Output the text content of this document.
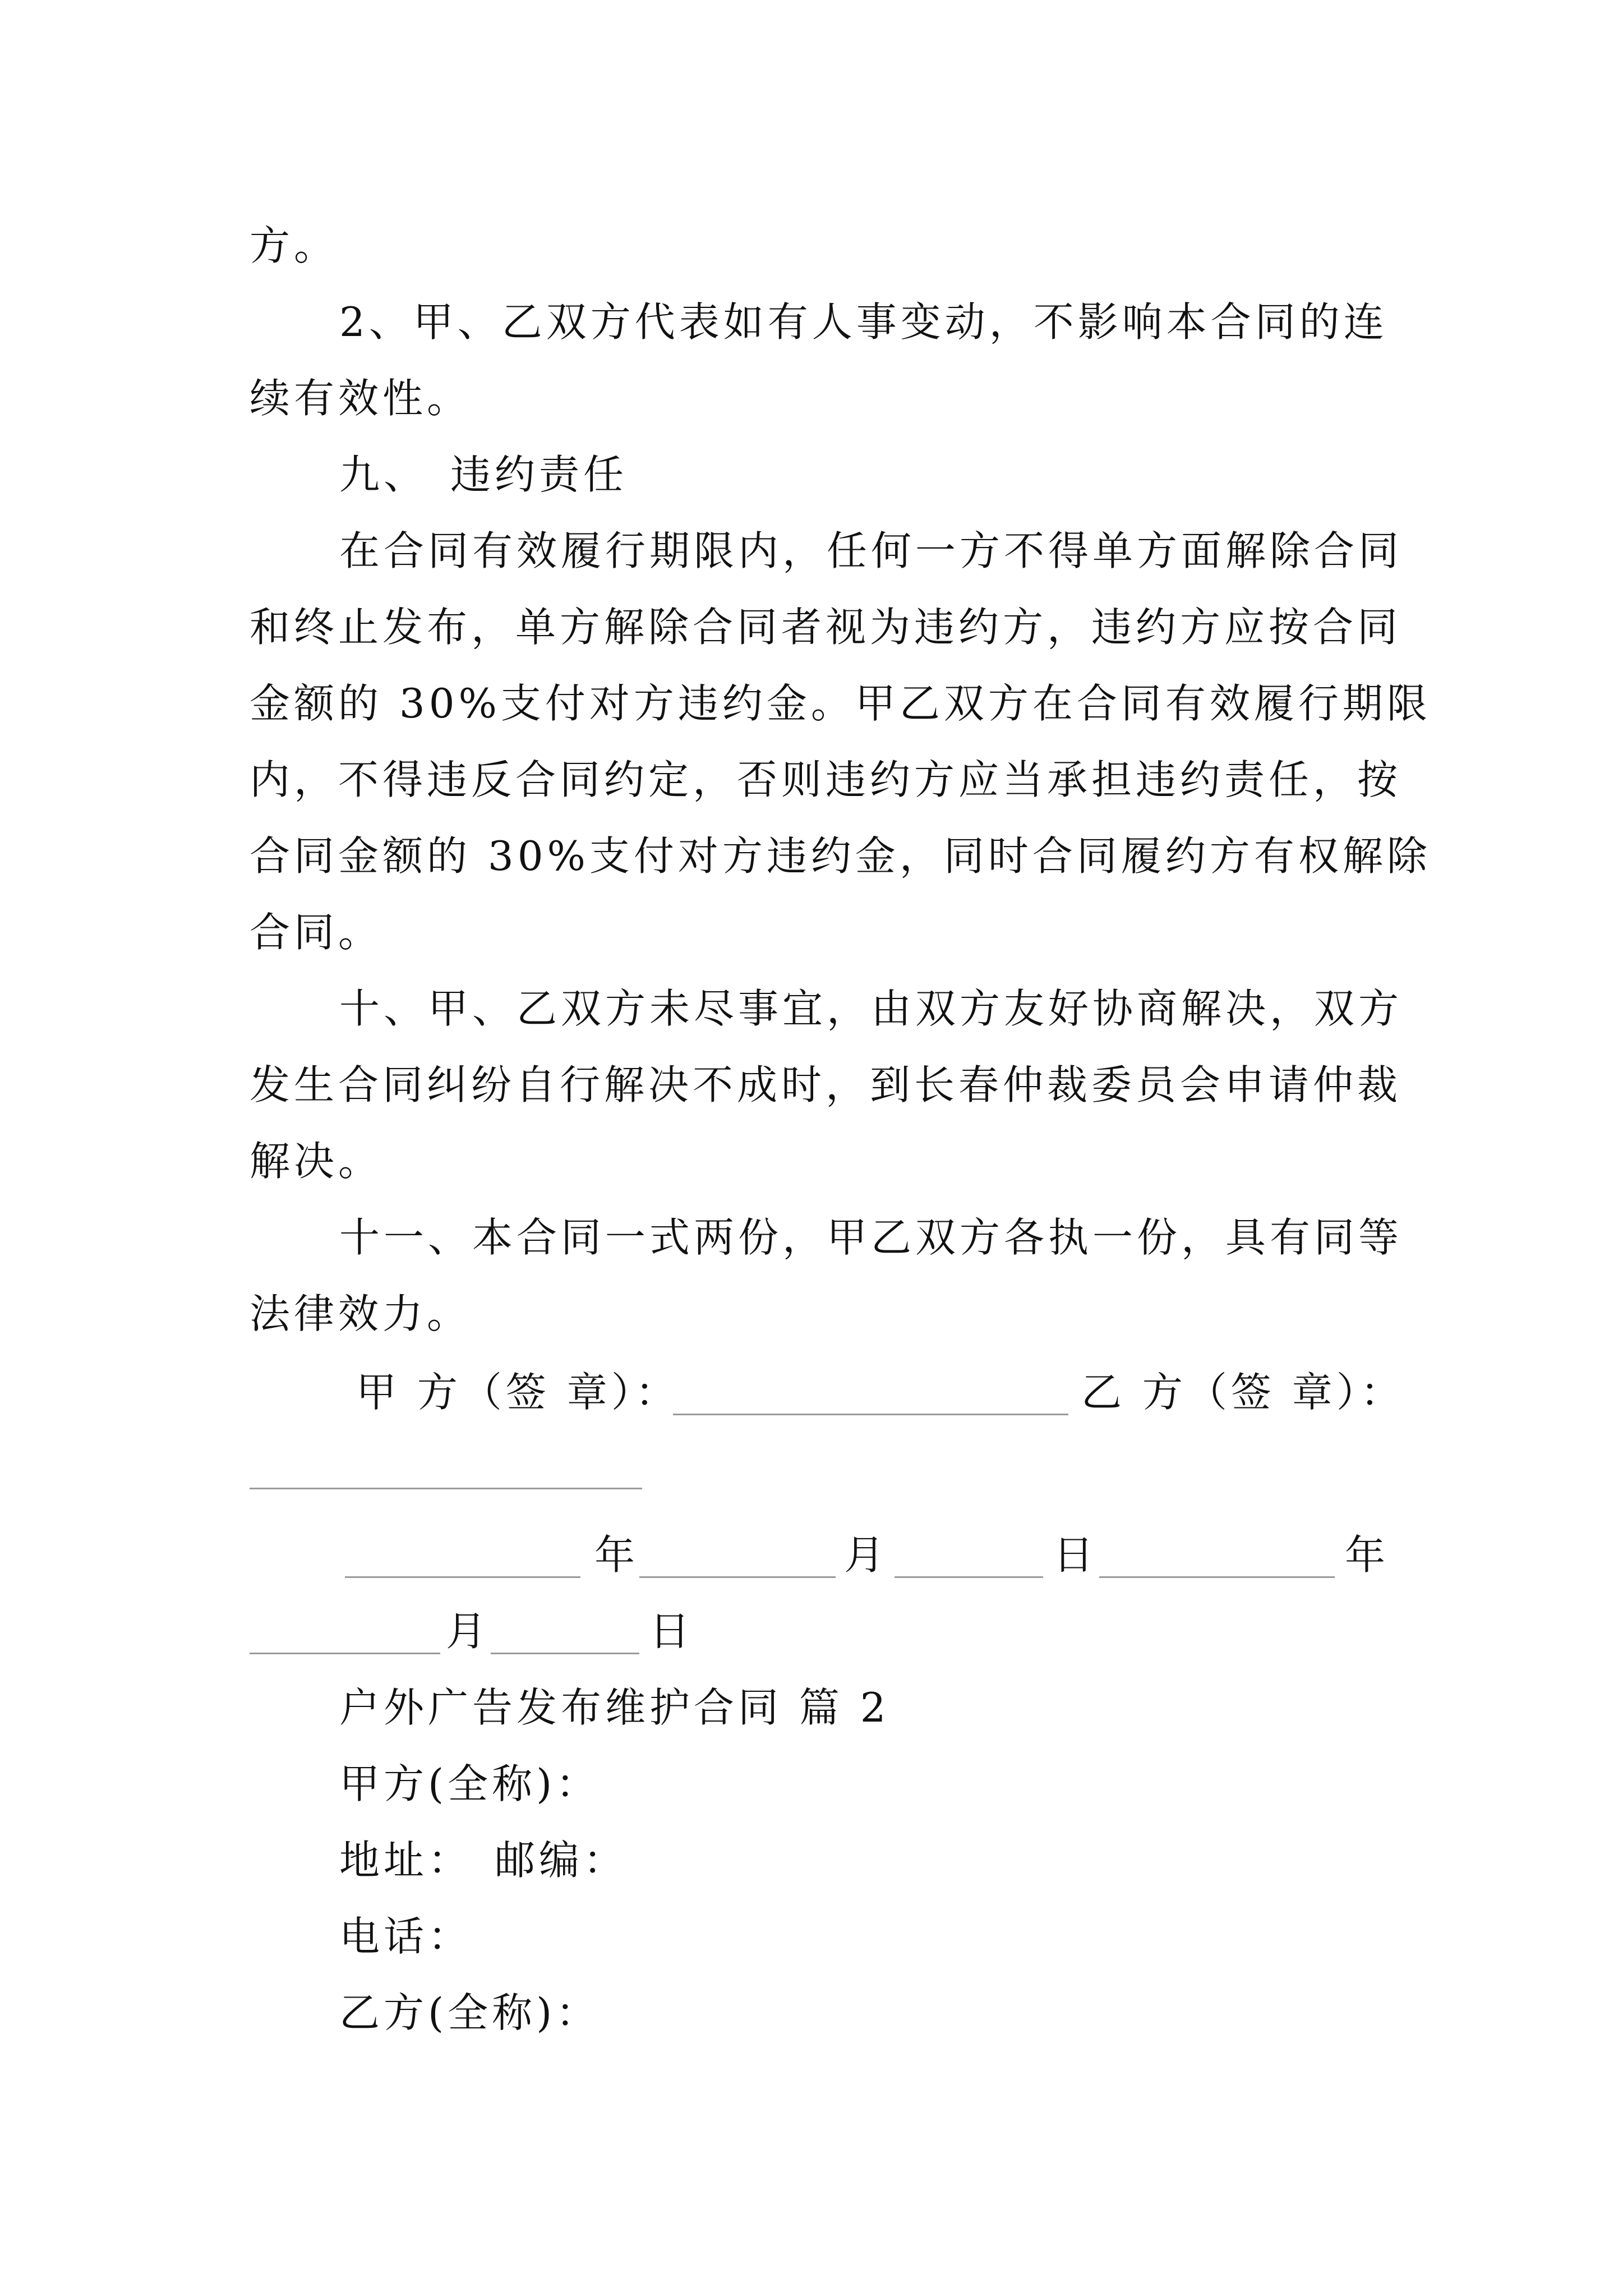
方。
2、甲、乙双方代表如有人事变动，不影响本合同的连
续有效性。
九、 违约责任
在合同有效履行期限内，任何一方不得单方面解除合同
和终止发布，单方解除合同者视为违约方，违约方应按合同
金额的 30%支付对方违约金。甲乙双方在合同有效履行期限
内，不得违反合同约定，否则违约方应当承担违约责任，按
合同金额的 30%支付对方违约金，同时合同履约方有权解除
合同。
十、甲、乙双方未尽事宜，由双方友好协商解决，双方
发生合同纠纷自行解决不成时，到长春仲裁委员会申请仲裁
解决。
十一、本合同一式两份，甲乙双方各执一份，具有同等
法律效力。
甲 方（签 章）：	乙 方（签 章）：
年	月	日	年
月	日
户外广告发布维护合同 篇 2
甲方(全称)：
地址： 邮编：
电话：
乙方(全称)：
